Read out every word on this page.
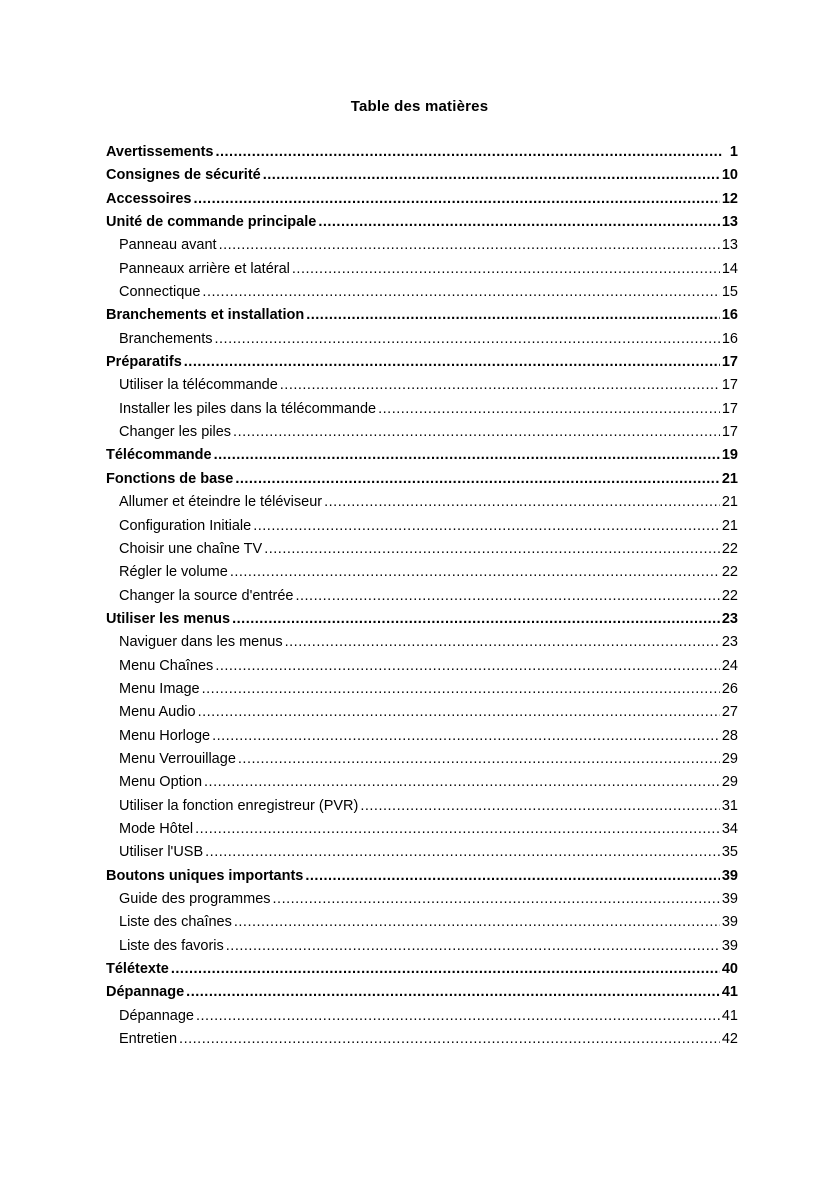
Table des matières
Avertissements .....	1
Consignes de sécurité .....	10
Accessoires .....	12
Unité de commande principale .....	13
Panneau avant .....	13
Panneaux arrière et latéral .....	14
Connectique .....	15
Branchements et installation .....	16
Branchements .....	16
Préparatifs .....	17
Utiliser la télécommande .....	17
Installer les piles dans la télécommande .....	17
Changer les piles .....	17
Télécommande .....	19
Fonctions de base .....	21
Allumer et éteindre le téléviseur .....	21
Configuration Initiale .....	21
Choisir une chaîne TV .....	22
Régler le volume .....	22
Changer la source d'entrée .....	22
Utiliser les menus .....	23
Naviguer dans les menus .....	23
Menu Chaînes .....	24
Menu Image .....	26
Menu Audio .....	27
Menu Horloge .....	28
Menu Verrouillage .....	29
Menu Option .....	29
Utiliser la fonction enregistreur (PVR) .....	31
Mode Hôtel .....	34
Utiliser l'USB .....	35
Boutons uniques importants .....	39
Guide des programmes .....	39
Liste des chaînes .....	39
Liste des favoris .....	39
Télétexte .....	40
Dépannage .....	41
Dépannage .....	41
Entretien .....	42
